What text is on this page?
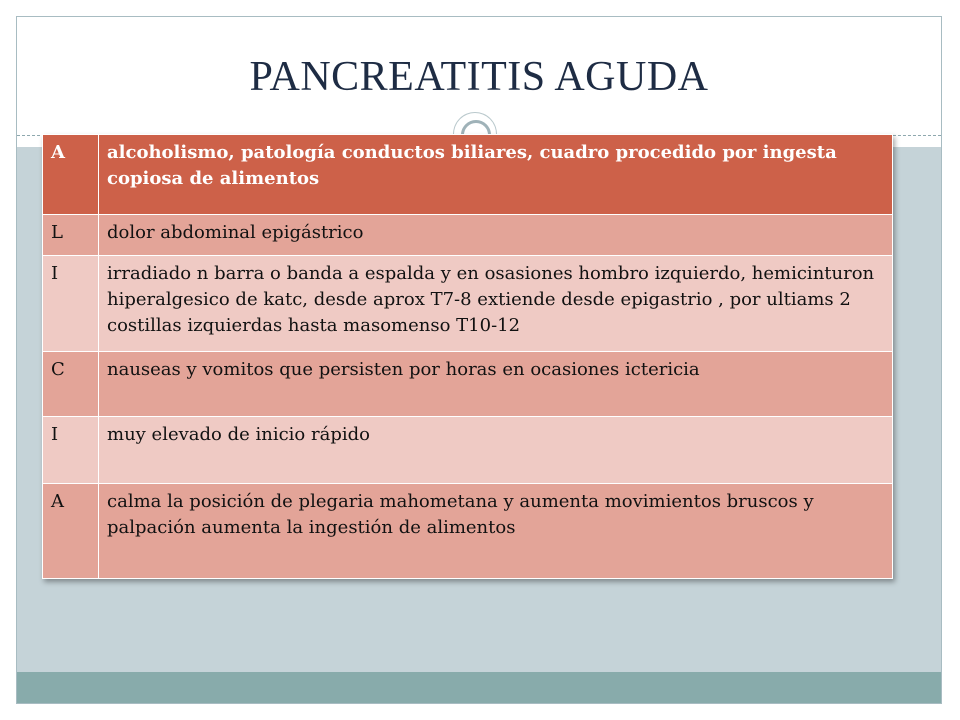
PANCREATITIS AGUDA
A	alcoholismo, patología conductos biliares, cuadro procedido por ingesta copiosa de alimentos
L	dolor abdominal epigástrico
I	irradiado n barra o banda a espalda y en osasiones hombro izquierdo, hemicinturon hiperalgesico de katc, desde aprox T7-8 extiende desde epigastrio , por ultiams 2 costillas izquierdas hasta masomenso T10-12
C	nauseas y vomitos que persisten por horas en ocasiones ictericia
I	muy elevado de inicio rápido
A	calma la posición de plegaria mahometana y aumenta movimientos bruscos y palpación aumenta la ingestión de alimentos
